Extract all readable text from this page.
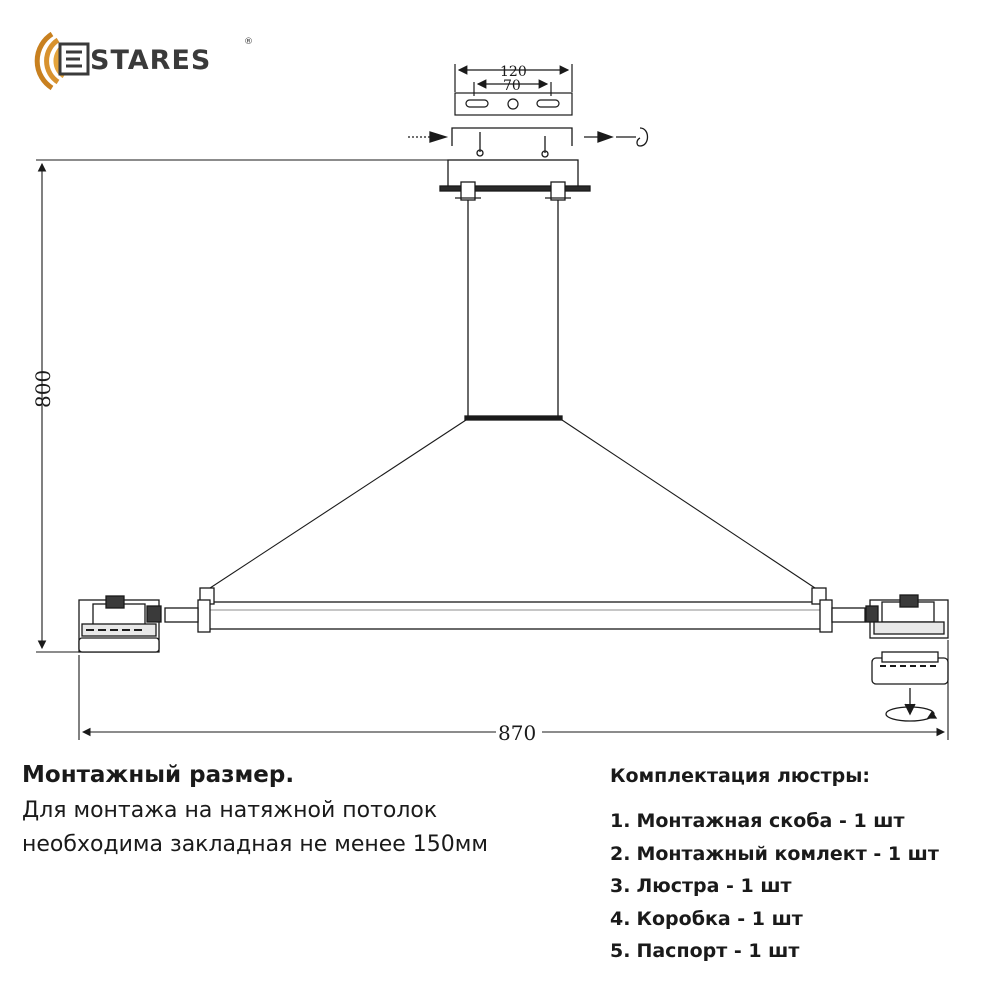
STARES
®
120
70
800
870
Монтажный размер.

Для монтажа на натяжной потолок

необходима закладная не менее 150мм

Комплектация люстры:
1. Монтажная скоба - 1 шт
2. Монтажный комлект - 1 шт
3. Люстра - 1 шт
4. Коробка - 1 шт
5. Паспорт - 1 шт
